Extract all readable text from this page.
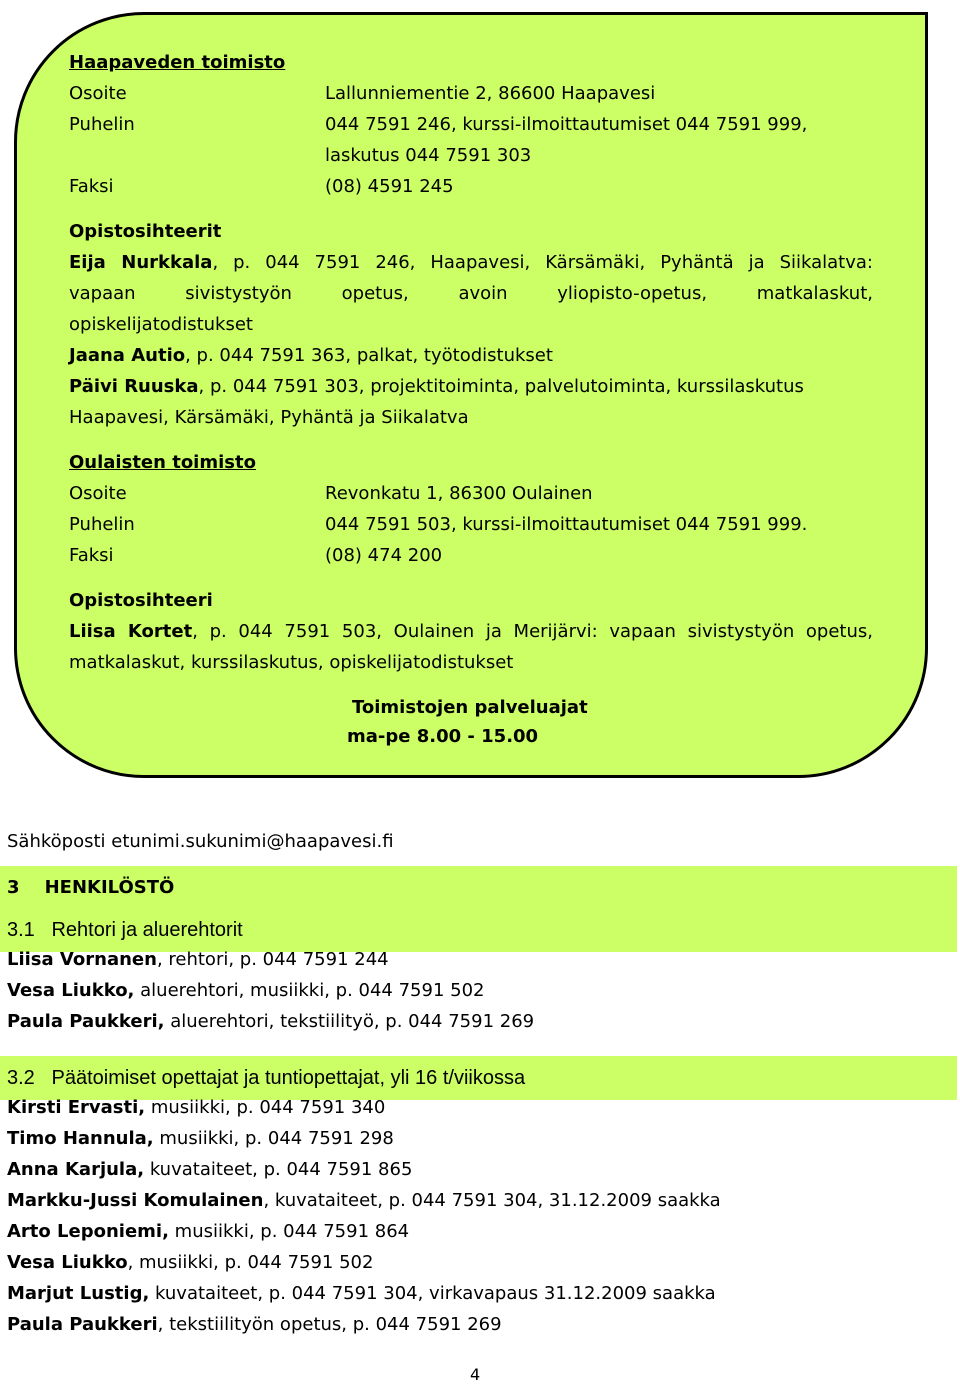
Haapaveden toimisto
Osoite	Lallunniementie 2, 86600 Haapavesi
Puhelin	044 7591 246, kurssi-ilmoittautumiset 044 7591 999,
laskutus 044 7591 303
Faksi	(08) 4591 245
Opistosihteerit
Eija Nurkkala, p. 044 7591 246, Haapavesi, Kärsämäki, Pyhäntä ja Siikalatva:
vapaan sivistystyön opetus, avoin yliopisto-opetus, matkalaskut,
opiskelijatodistukset
Jaana Autio, p. 044 7591 363, palkat, työtodistukset
Päivi Ruuska, p. 044 7591 303, projektitoiminta, palvelutoiminta, kurssilaskutus
Haapavesi, Kärsämäki, Pyhäntä ja Siikalatva
Oulaisten toimisto
Osoite	Revonkatu 1, 86300 Oulainen
Puhelin	044 7591 503, kurssi-ilmoittautumiset 044 7591 999.
Faksi	(08) 474 200
Opistosihteeri
Liisa Kortet, p. 044 7591 503, Oulainen ja Merijärvi: vapaan sivistystyön opetus,
matkalaskut, kurssilaskutus, opiskelijatodistukset
Toimistojen palveluajat
ma-pe 8.00 - 15.00
Sähköposti etunimi.sukunimi@haapavesi.fi
3 HENKILÖSTÖ
3.1 Rehtori ja aluerehtorit
Liisa Vornanen, rehtori, p. 044 7591 244
Vesa Liukko, aluerehtori, musiikki, p. 044 7591 502
Paula Paukkeri, aluerehtori, tekstiilityö, p. 044 7591 269
3.2 Päätoimiset opettajat ja tuntiopettajat, yli 16 t/viikossa
Kirsti Ervasti, musiikki, p. 044 7591 340
Timo Hannula, musiikki, p. 044 7591 298
Anna Karjula, kuvataiteet, p. 044 7591 865
Markku-Jussi Komulainen, kuvataiteet, p. 044 7591 304, 31.12.2009 saakka
Arto Leponiemi, musiikki, p. 044 7591 864
Vesa Liukko, musiikki, p. 044 7591 502
Marjut Lustig, kuvataiteet, p. 044 7591 304, virkavapaus 31.12.2009 saakka
Paula Paukkeri, tekstiilityön opetus, p. 044 7591 269
4
